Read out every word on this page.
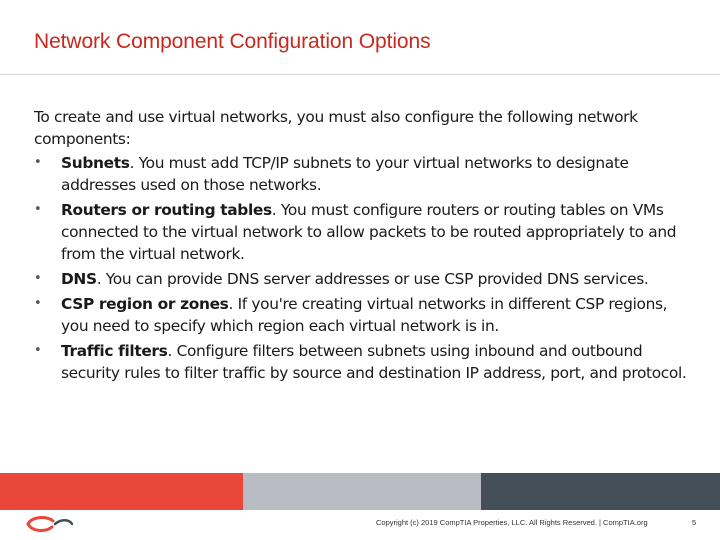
Network Component Configuration Options

To create and use virtual networks, you must also configure the following network components:

• Subnets. You must add TCP/IP subnets to your virtual networks to designate addresses used on those networks.
• Routers or routing tables. You must configure routers or routing tables on VMs connected to the virtual network to allow packets to be routed appropriately to and from the virtual network.
• DNS. You can provide DNS server addresses or use CSP provided DNS services.
• CSP region or zones. If you're creating virtual networks in different CSP regions, you need to specify which region each virtual network is in.
• Traffic filters. Configure filters between subnets using inbound and outbound security rules to filter traffic by source and destination IP address, port, and protocol.
Copyright (c) 2019 CompTIA Properties, LLC. All Rights Reserved. | CompTIA.org	5
